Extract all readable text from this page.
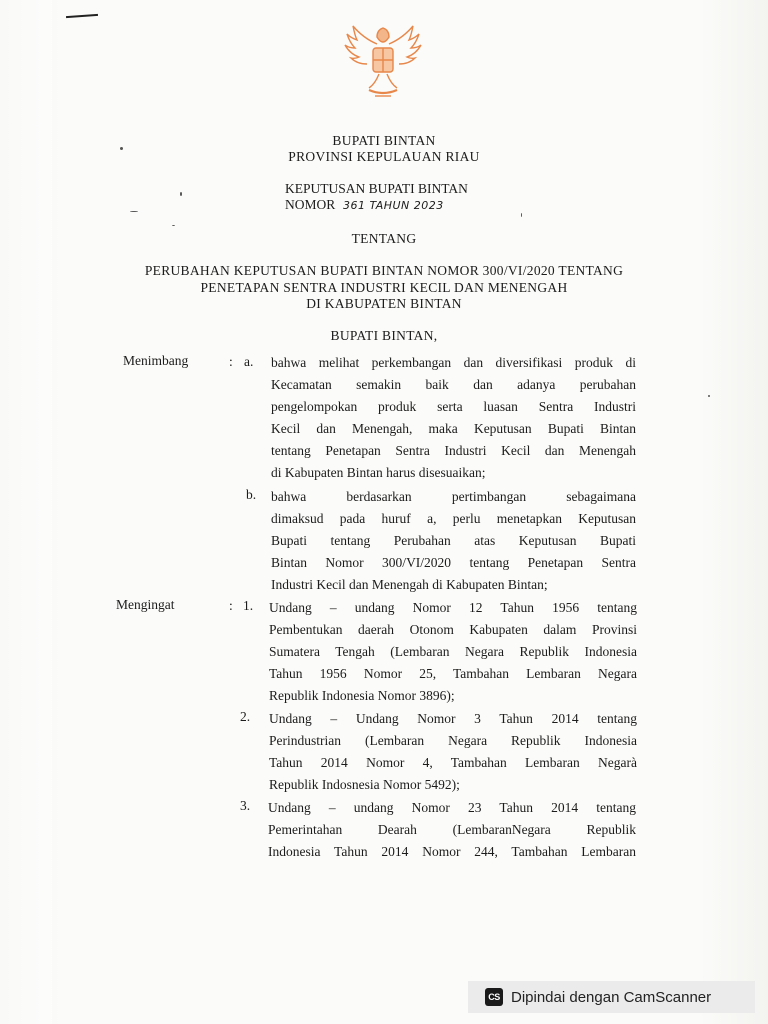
BUPATI BINTAN
PROVINSI KEPULAUAN RIAU
KEPUTUSAN BUPATI BINTAN
NOMOR 361 TAHUN 2023
TENTANG
PERUBAHAN KEPUTUSAN BUPATI BINTAN NOMOR 300/VI/2020 TENTANG
PENETAPAN SENTRA INDUSTRI KECIL DAN MENENGAH
DI KABUPATEN BINTAN
BUPATI BINTAN,
Menimbang	: a. bahwa melihat perkembangan dan diversifikasi produk di
Kecamatan semakin baik dan adanya perubahan
pengelompokan produk serta luasan Sentra Industri
Kecil dan Menengah, maka Keputusan Bupati Bintan
tentang Penetapan Sentra Industri Kecil dan Menengah
di Kabupaten Bintan harus disesuaikan;
b. bahwa berdasarkan pertimbangan sebagaimana
dimaksud pada huruf a, perlu menetapkan Keputusan
Bupati tentang Perubahan atas Keputusan Bupati
Bintan Nomor 300/VI/2020 tentang Penetapan Sentra
Industri Kecil dan Menengah di Kabupaten Bintan;
Mengingat	: 1. Undang – undang Nomor 12 Tahun 1956 tentang
Pembentukan daerah Otonom Kabupaten dalam Provinsi
Sumatera Tengah (Lembaran Negara Republik Indonesia
Tahun 1956 Nomor 25, Tambahan Lembaran Negara
Republik Indonesia Nomor 3896);
2. Undang – Undang Nomor 3 Tahun 2014 tentang
Perindustrian (Lembaran Negara Republik Indonesia
Tahun 2014 Nomor 4, Tambahan Lembaran Negarà
Republik Indosnesia Nomor 5492);
3. Undang – undang Nomor 23 Tahun 2014 tentang
Pemerintahan Dearah (LembaranNegara Republik
Indonesia Tahun 2014 Nomor 244, Tambahan Lembaran

CS Dipindai dengan CamScanner
